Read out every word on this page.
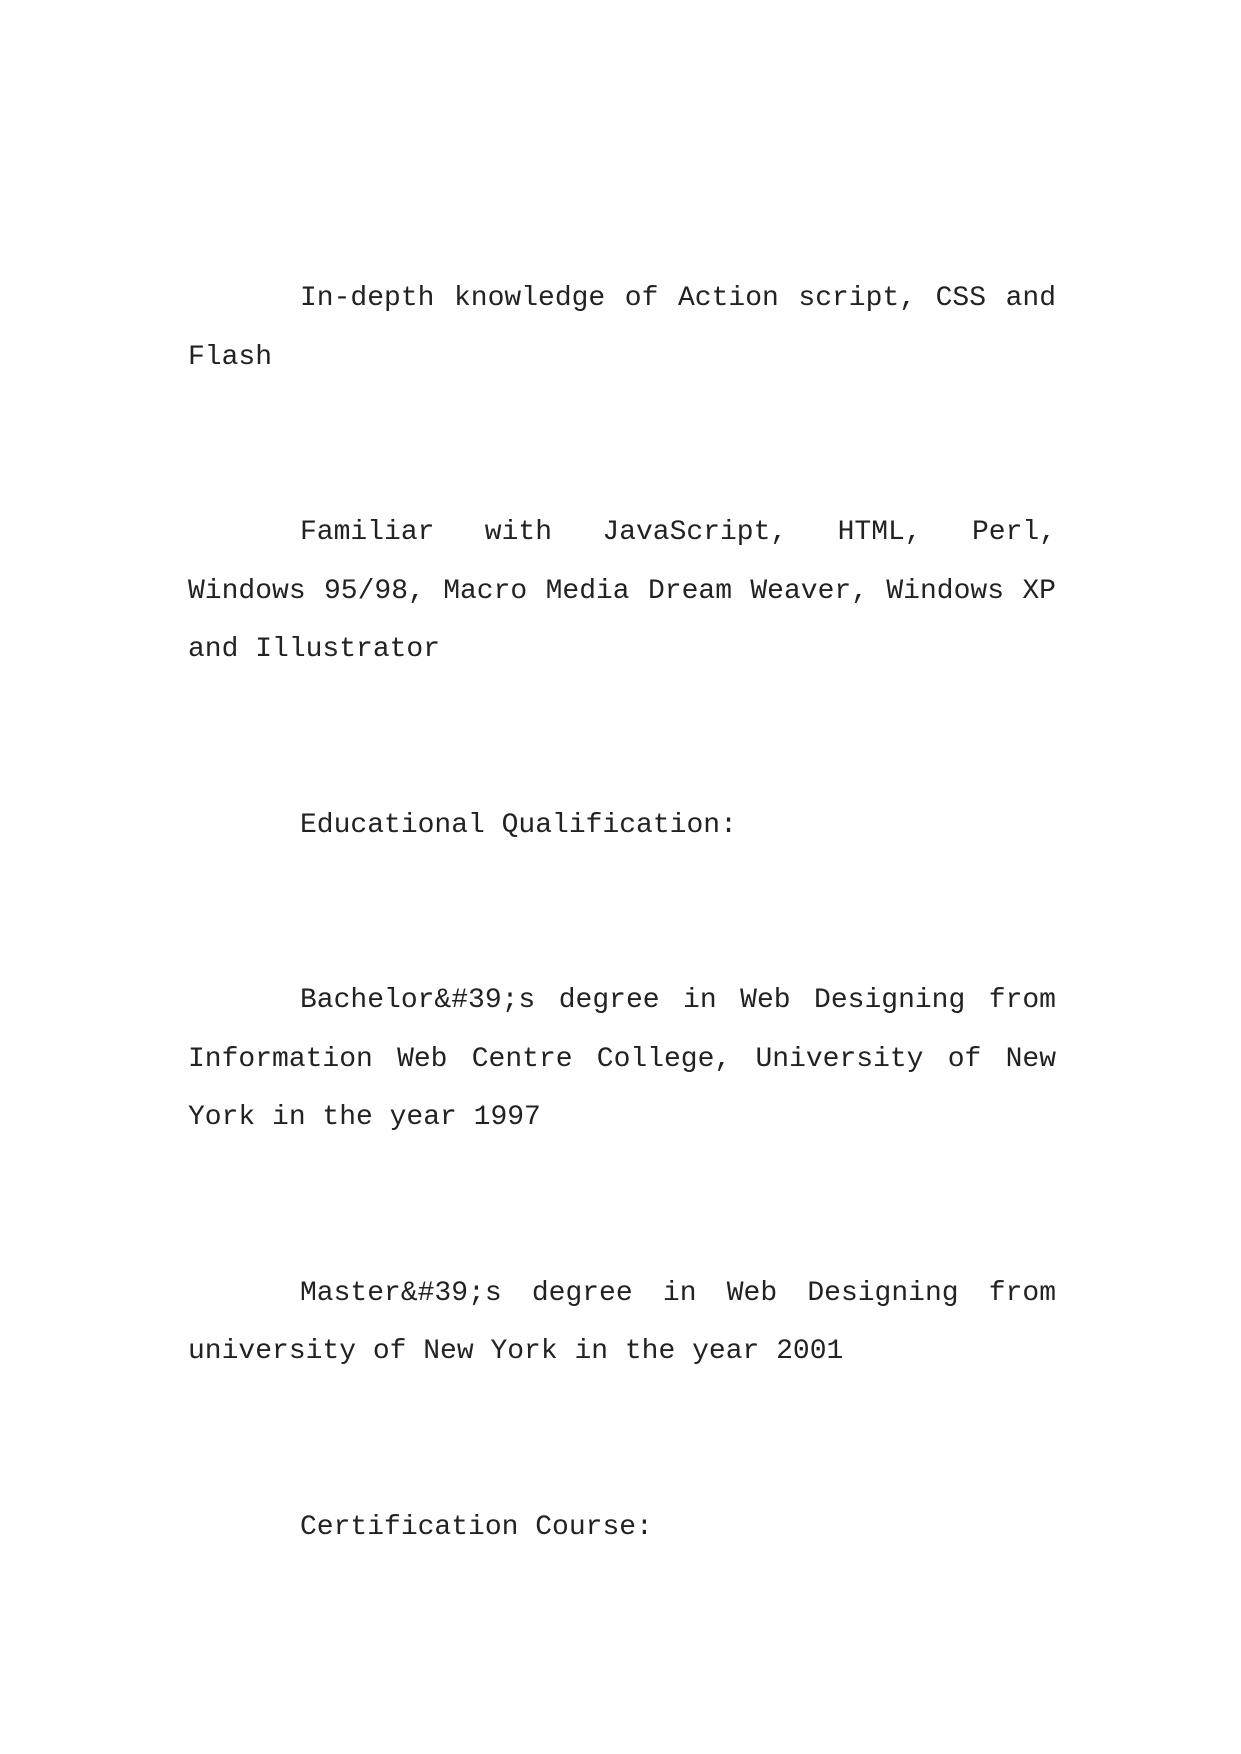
In-depth knowledge of Action script, CSS and Flash

Familiar with JavaScript, HTML, Perl, Windows 95/98, Macro Media Dream Weaver, Windows XP and Illustrator

Educational Qualification:

Bachelor&#39;s degree in Web Designing from Information Web Centre College, University of New York in the year 1997

Master&#39;s degree in Web Designing from university of New York in the year 2001

Certification Course:
